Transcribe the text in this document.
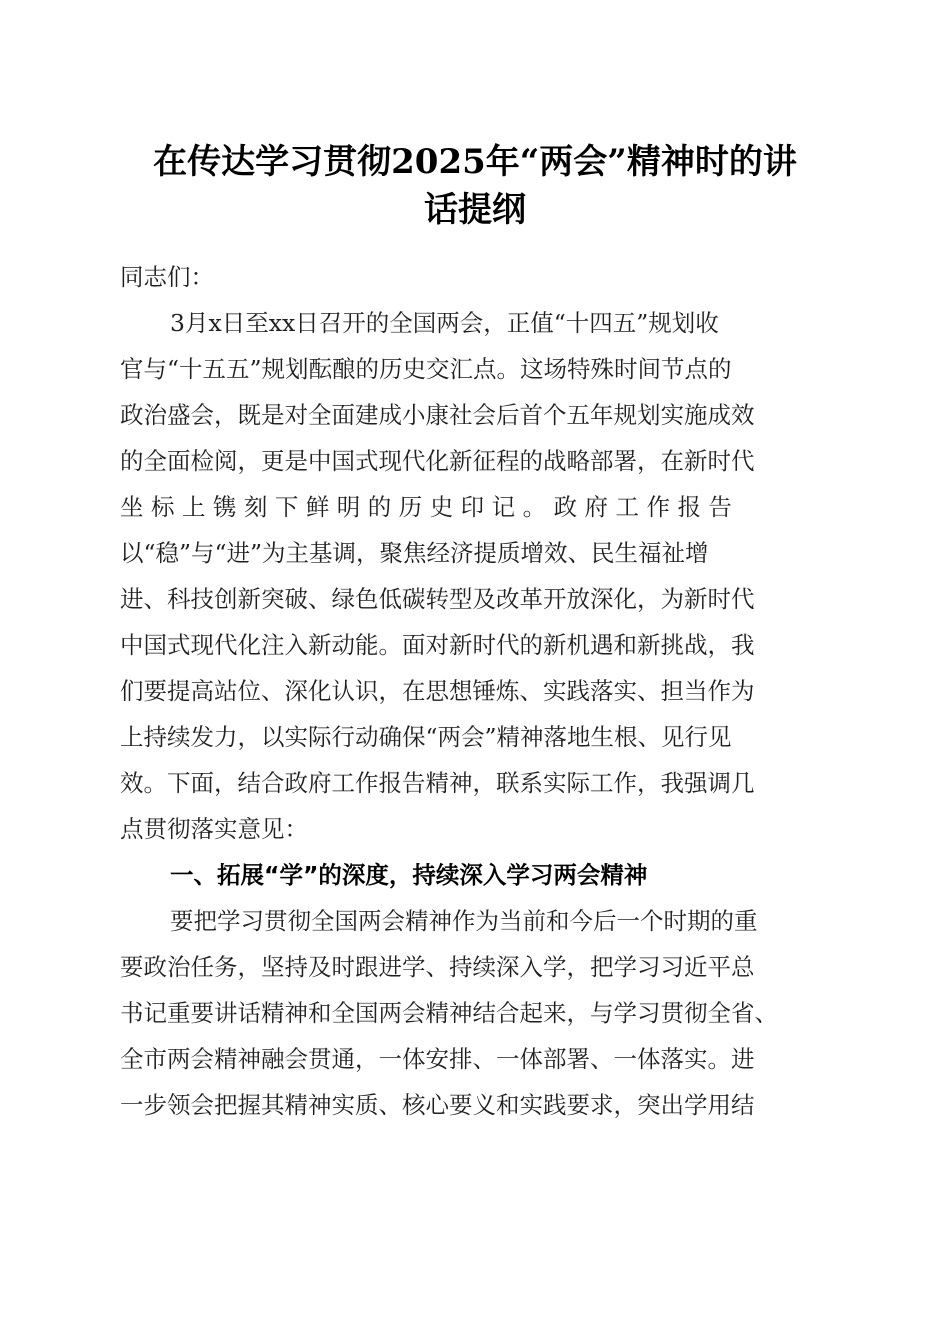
在传达学习贯彻2025年“两会”精神时的讲
话提纲
同志们：
3月x日至xx日召开的全国两会，正值“十四五”规划收
官与“十五五”规划酝酿的历史交汇点。这场特殊时间节点的
政治盛会，既是对全面建成小康社会后首个五年规划实施成效
的全面检阅，更是中国式现代化新征程的战略部署，在新时代
坐 标 上 镌 刻 下 鲜 明 的 历 史 印 记 。 政 府 工 作 报 告
以“稳”与“进”为主基调，聚焦经济提质增效、民生福祉增
进、科技创新突破、绿色低碳转型及改革开放深化，为新时代
中国式现代化注入新动能。面对新时代的新机遇和新挑战，我
们要提高站位、深化认识，在思想锤炼、实践落实、担当作为
上持续发力，以实际行动确保“两会”精神落地生根、见行见
效。下面，结合政府工作报告精神，联系实际工作，我强调几
点贯彻落实意见：
一、拓展“学”的深度，持续深入学习两会精神
要把学习贯彻全国两会精神作为当前和今后一个时期的重
要政治任务，坚持及时跟进学、持续深入学，把学习习近平总
书记重要讲话精神和全国两会精神结合起来，与学习贯彻全省、
全市两会精神融会贯通，一体安排、一体部署、一体落实。进
一步领会把握其精神实质、核心要义和实践要求，突出学用结
